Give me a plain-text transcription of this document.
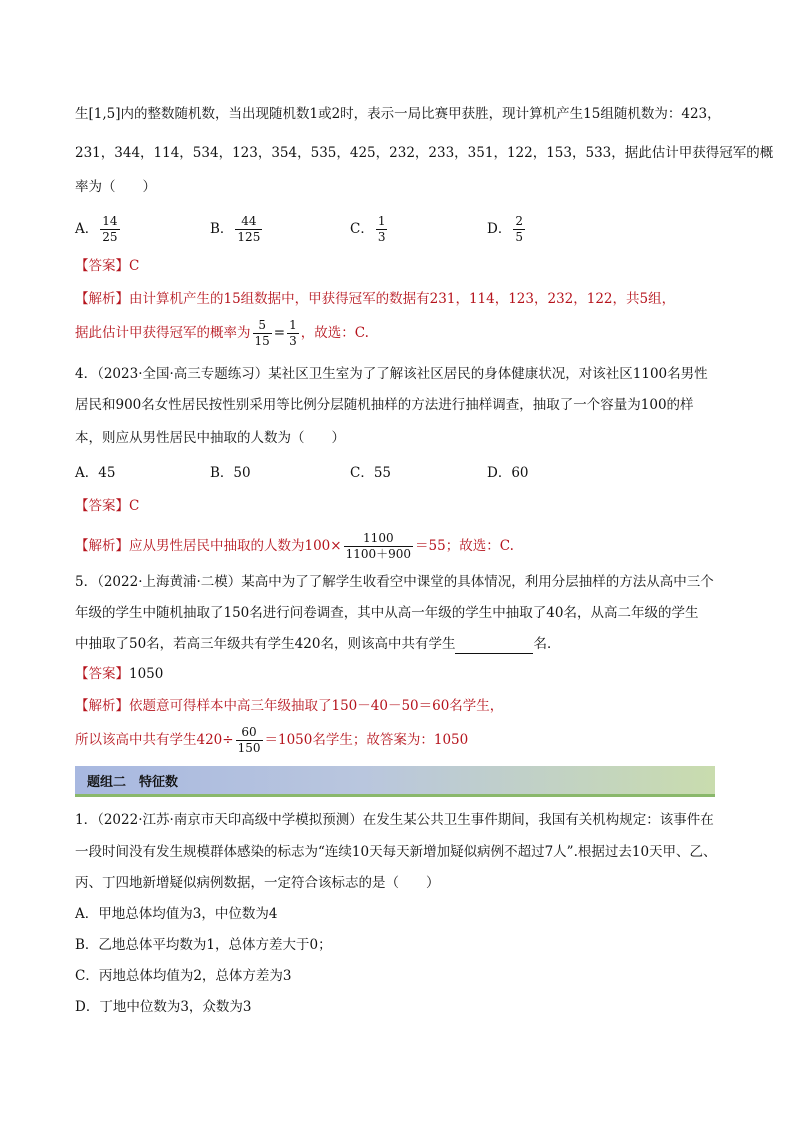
生[1,5]内的整数随机数，当出现随机数1或2时，表示一局比赛甲获胜，现计算机产生15组随机数为：423，
231，344，114，534，123，354，535，425，232，233，351，122，153，533，据此估计甲获得冠军的概
率为（　　）
A． $\frac{14}{25}$	B． $\frac{44}{125}$	C． $\frac{1}{3}$	D． $\frac{2}{5}$
【答案】C
【解析】由计算机产生的15组数据中，甲获得冠军的数据有231，114，123，232，122，共5组，
据此估计甲获得冠军的概率为 $\frac{5}{15} = \frac{1}{3}$ ，故选：C.
4．（2023·全国·高三专题练习）某社区卫生室为了了解该社区居民的身体健康状况，对该社区1100名男性
居民和900名女性居民按性别采用等比例分层随机抽样的方法进行抽样调查，抽取了一个容量为100的样
本，则应从男性居民中抽取的人数为（　　）
A．45	B．50	C．55	D．60
【答案】C
【解析】应从男性居民中抽取的人数为$100\times \frac{1100}{1100+900} =55$；故选：C.
5．（2022·上海黄浦·二模）某高中为了了解学生收看空中课堂的具体情况，利用分层抽样的方法从高中三个
年级的学生中随机抽取了150名进行问卷调查，其中从高一年级的学生中抽取了40名，从高二年级的学生
中抽取了50名，若高三年级共有学生420名，则该高中共有学生	名．
【答案】1050
【解析】依题意可得样本中高三年级抽取了150－40－50＝60名学生，
所以该高中共有学生$420\div \frac{60}{150} =1050$名学生；故答案为：1050
题组二　特征数
1．（2022·江苏·南京市天印高级中学模拟预测）在发生某公共卫生事件期间，我国有关机构规定：该事件在
一段时间没有发生规模群体感染的标志为“连续10天每天新增加疑似病例不超过7人”.根据过去10天甲、乙、
丙、丁四地新增疑似病例数据，一定符合该标志的是（　　）
A．甲地总体均值为3，中位数为4
B．乙地总体平均数为1，总体方差大于0；
C．丙地总体均值为2，总体方差为3
D．丁地中位数为3，众数为3
